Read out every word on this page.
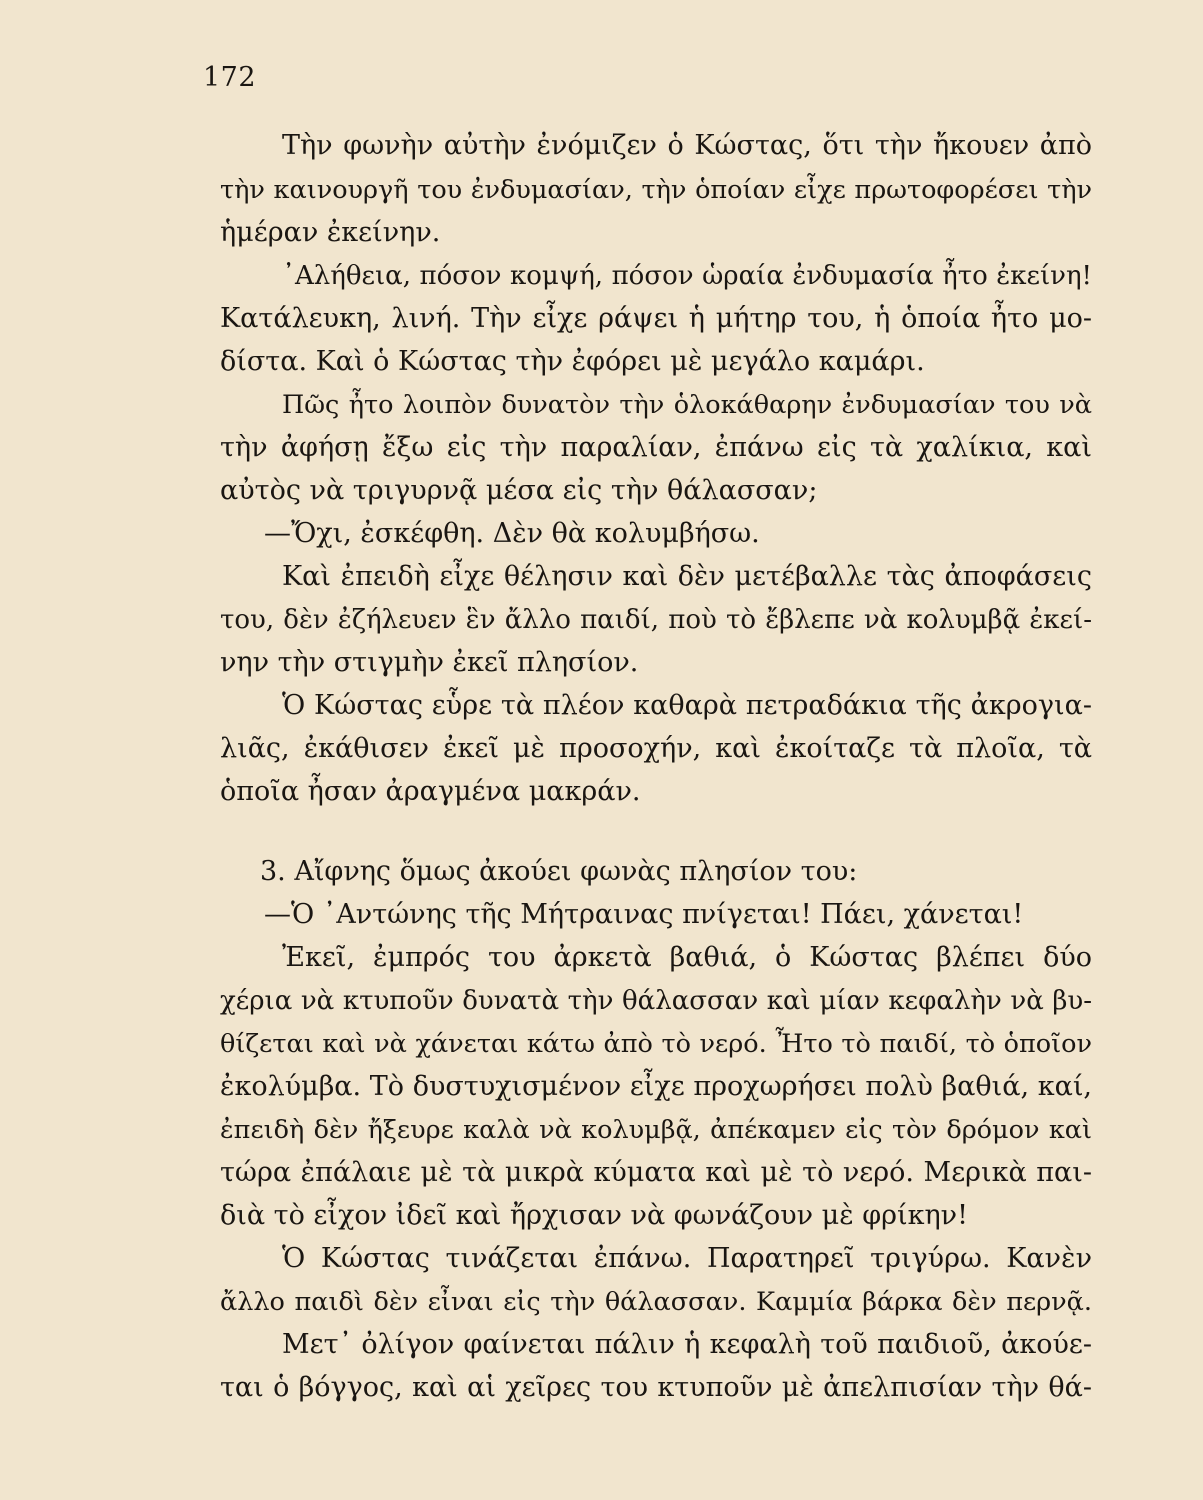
172
Τὴν φωνὴν αὐτὴν ἐνόμιζεν ὁ Κώστας, ὅτι τὴν ἤκουεν ἀπὸ
τὴν καινουργῆ του ἐνδυμασίαν, τὴν ὁποίαν εἶχε πρωτοφορέσει τὴν
ἡμέραν ἐκείνην.
᾿Αλήθεια, πόσον κομψή, πόσον ὡραία ἐνδυμασία ἦτο ἐκείνη!
Κατάλευκη, λινή. Τὴν εἶχε ράψει ἡ μήτηρ του, ἡ ὁποία ἦτο μο-
δίστα. Καὶ ὁ Κώστας τὴν ἐφόρει μὲ μεγάλο καμάρι.
Πῶς ἦτο λοιπὸν δυνατὸν τὴν ὁλοκάθαρην ἐνδυμασίαν του νὰ
τὴν ἀφήσῃ ἔξω εἰς τὴν παραλίαν, ἐπάνω εἰς τὰ χαλίκια, καὶ
αὐτὸς νὰ τριγυρνᾷ μέσα εἰς τὴν θάλασσαν;
—Ὄχι, ἐσκέφθη. Δὲν θὰ κολυμβήσω.
Καὶ ἐπειδὴ εἶχε θέλησιν καὶ δὲν μετέβαλλε τὰς ἀποφάσεις
του, δὲν ἐζήλευεν ἓν ἄλλο παιδί, ποὺ τὸ ἔβλεπε νὰ κολυμβᾷ ἐκεί-
νην τὴν στιγμὴν ἐκεῖ πλησίον.
Ὁ Κώστας εὗρε τὰ πλέον καθαρὰ πετραδάκια τῆς ἀκρογια-
λιᾶς, ἐκάθισεν ἐκεῖ μὲ προσοχήν, καὶ ἐκοίταζε τὰ πλοῖα, τὰ
ὁποῖα ἦσαν ἀραγμένα μακράν.
3. Αἴφνης ὅμως ἀκούει φωνὰς πλησίον του:
—Ὁ ᾿Αντώνης τῆς Μήτραινας πνίγεται! Πάει, χάνεται!
Ἐκεῖ, ἐμπρός του ἀρκετὰ βαθιά, ὁ Κώστας βλέπει δύο
χέρια νὰ κτυποῦν δυνατὰ τὴν θάλασσαν καὶ μίαν κεφαλὴν νὰ βυ-
θίζεται καὶ νὰ χάνεται κάτω ἀπὸ τὸ νερό. Ἦτο τὸ παιδί, τὸ ὁποῖον
ἐκολύμβα. Τὸ δυστυχισμένον εἶχε προχωρήσει πολὺ βαθιά, καί,
ἐπειδὴ δὲν ἤξευρε καλὰ νὰ κολυμβᾷ, ἀπέκαμεν εἰς τὸν δρόμον καὶ
τώρα ἐπάλαιε μὲ τὰ μικρὰ κύματα καὶ μὲ τὸ νερό. Μερικὰ παι-
διὰ τὸ εἶχον ἰδεῖ καὶ ἤρχισαν νὰ φωνάζουν μὲ φρίκην!
Ὁ Κώστας τινάζεται ἐπάνω. Παρατηρεῖ τριγύρω. Κανὲν
ἄλλο παιδὶ δὲν εἶναι εἰς τὴν θάλασσαν. Καμμία βάρκα δὲν περνᾷ.
Μετ᾿ ὀλίγον φαίνεται πάλιν ἡ κεφαλὴ τοῦ παιδιοῦ, ἀκούε-
ται ὁ βόγγος, καὶ αἱ χεῖρες του κτυποῦν μὲ ἀπελπισίαν τὴν θά-
